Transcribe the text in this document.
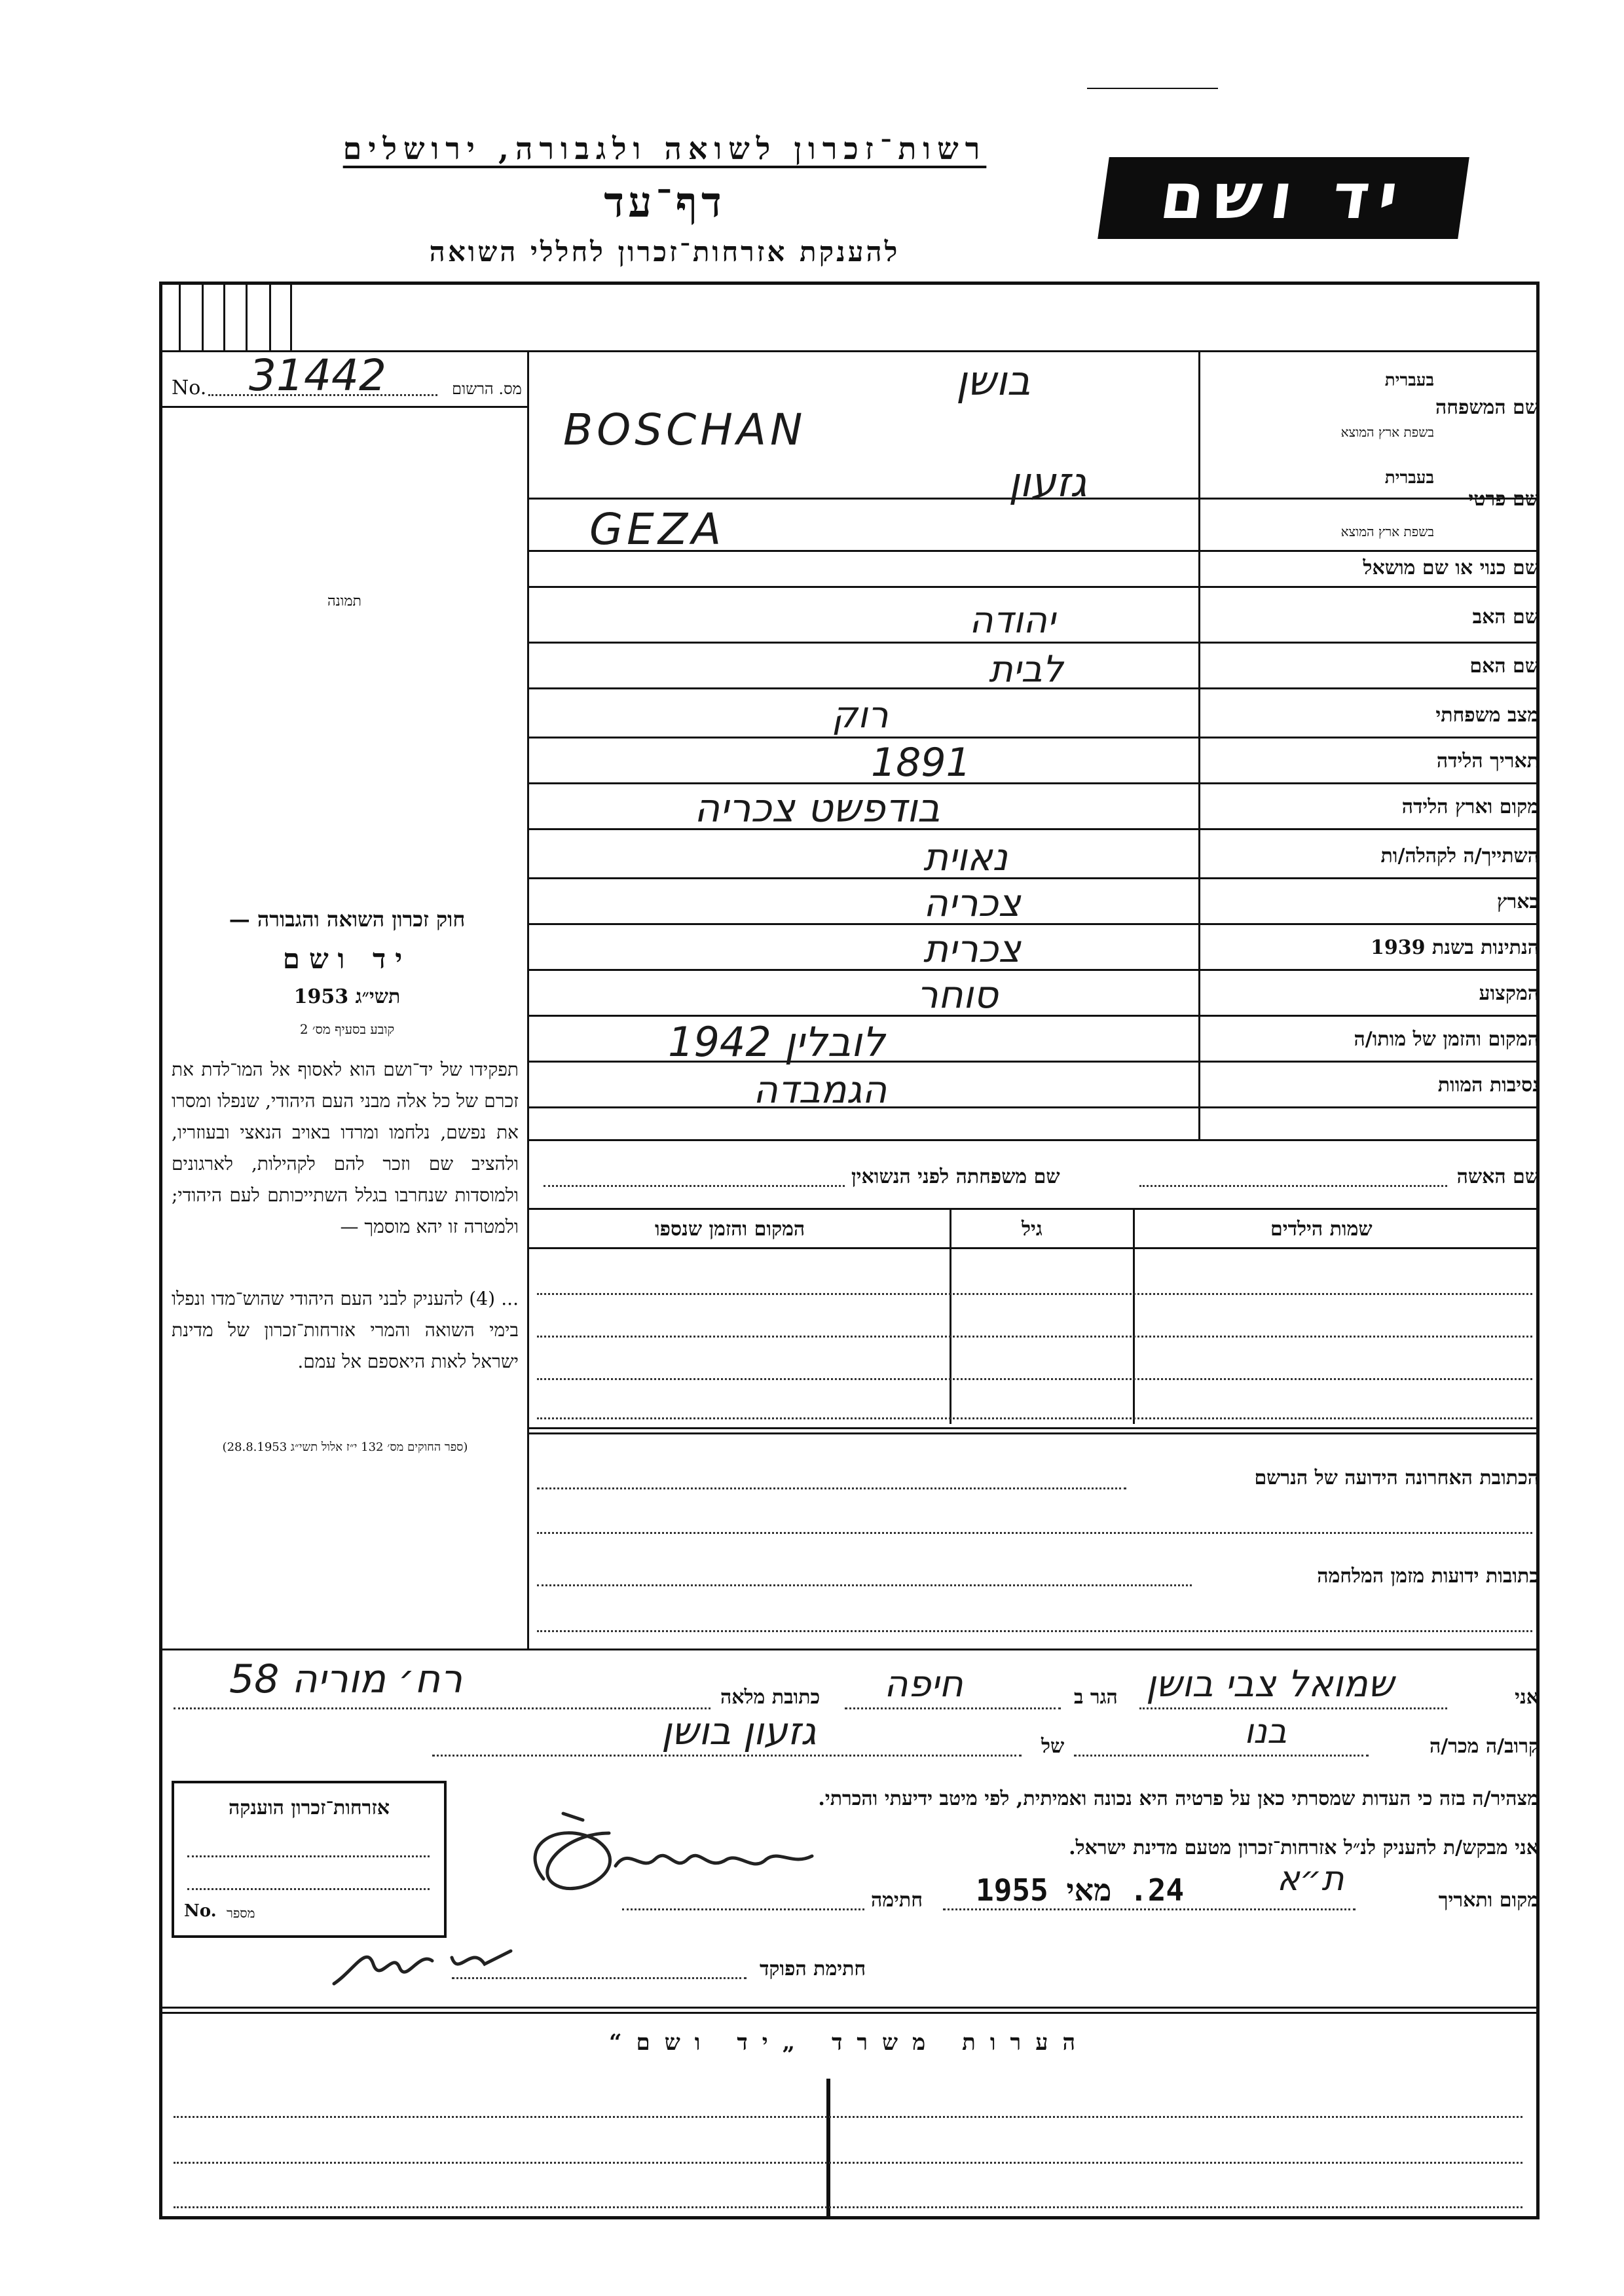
רשות־זכרון לשואה ולגבורה, ירושלים
דף־עד
להענקת אזרחות־זכרון לחללי השואה
יד ושם
No. 31442	מס. הרשום
תמונה
שם המשפחה
בעברית
בשפת ארץ המוצא
שם פרטי
בעברית
בשפת ארץ המוצא
שם כנוי או שם מושאל
שם האב
שם האם
מצב משפחתי
תאריך הלידה
מקום וארץ הלידה
השתייך/ה לקהלה/ות
בארץ
הנתינות בשנת 1939
המקצוע
המקום והזמן של מותו/ה
נסיבות המוות
בושן
BOSCHAN
גזעון
GEZA
יהודה
לבית
רוק
1891
בודפשט צכריה
נאוית
צכריה
צכרית
סוחר
לובלין 1942
הגמבדה
שם האשה
שם משפחתה לפני הנשואין
שמות הילדים
גיל
המקום והזמן שנספו
הכתובת האחרונה הידועה של הנרשם
כתובות ידועות מזמן המלחמה
חוק זכרון השואה והגבורה —
יד ושם
תשי״ג 1953
קובע בסעיף מס׳ 2
תפקידו של יד־ושם הוא לאסוף אל המו־לדת את זכרם של כל אלה מבני העם היהודי, שנפלו ומסרו את נפשם, נלחמו ומרדו באויב הנאצי ובעוזריו, ולהציב שם וזכר להם לקהילות, לארגונים ולמוסדות שנחרבו בגלל השתייכותם לעם היהודי; ולמטרה זו יהא מוסמך —
... (4) להעניק לבני העם היהודי שהוש־מדו ונפלו בימי השואה והמרי אזרחות־זכרון של מדינת ישראל לאות היאספם אל עמם.
(ספר החוקים מס׳ 132 י״ז אלול תשי״ג 28.8.1953)
אני
שמואל צבי בושן
הגר ב
חיפה
כתובת מלאה
רח׳ מוריה 58
קרוב/ה מכר/ה
בנו
של
גזעון בושן
מצהיר/ה בזה כי העדות שמסרתי כאן על פרטיה היא נכונה ואמיתית, לפי מיטב ידיעתי והכרתי.
אני מבקש/ת להעניק לנ״ל אזרחות־זכרון מטעם מדינת ישראל.
מקום ותאריך
ת״א
24. מאי 1955
חתימה
חתימת הפוקד
אזרחות־זכרון הוענקה
No. מספר
הערות משרד „יד ושם“
